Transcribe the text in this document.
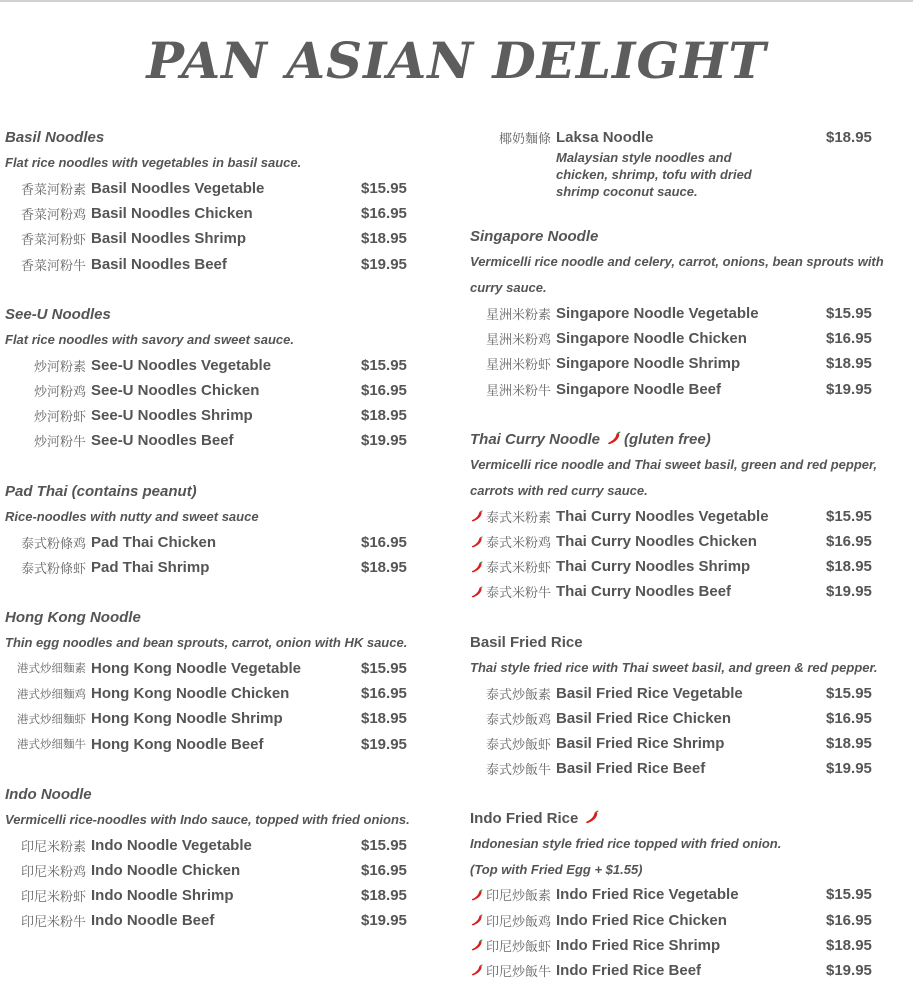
PAN ASIAN DELIGHT
Basil Noodles
Flat rice noodles with vegetables in basil sauce.
香菜河粉素 Basil Noodles Vegetable	$15.95
香菜河粉鸡 Basil Noodles Chicken	$16.95
香菜河粉虾 Basil Noodles Shrimp	$18.95
香菜河粉牛 Basil Noodles Beef	$19.95
See-U Noodles
Flat rice noodles with savory and sweet sauce.
炒河粉素 See-U Noodles Vegetable	$15.95
炒河粉鸡 See-U Noodles Chicken	$16.95
炒河粉虾 See-U Noodles Shrimp	$18.95
炒河粉牛 See-U Noodles Beef	$19.95
Pad Thai (contains peanut)
Rice-noodles with nutty and sweet sauce
泰式粉條鸡 Pad Thai Chicken	$16.95
泰式粉條虾 Pad Thai Shrimp	$18.95
Hong Kong Noodle
Thin egg noodles and bean sprouts, carrot, onion with HK sauce.
港式炒细麵素 Hong Kong Noodle Vegetable	$15.95
港式炒细麵鸡 Hong Kong Noodle Chicken	$16.95
港式炒细麵虾 Hong Kong Noodle Shrimp	$18.95
港式炒细麵牛 Hong Kong Noodle Beef	$19.95
Indo Noodle
Vermicelli rice-noodles with Indo sauce, topped with fried onions.
印尼米粉素 Indo Noodle Vegetable	$15.95
印尼米粉鸡 Indo Noodle Chicken	$16.95
印尼米粉虾 Indo Noodle Shrimp	$18.95
印尼米粉牛 Indo Noodle Beef	$19.95
椰奶麵條 Laksa Noodle	$18.95
Malaysian style noodles and chicken, shrimp, tofu with dried shrimp coconut sauce.
Singapore Noodle
Vermicelli rice noodle and celery, carrot, onions, bean sprouts with curry sauce.
星洲米粉素 Singapore Noodle Vegetable	$15.95
星洲米粉鸡 Singapore Noodle Chicken	$16.95
星洲米粉虾 Singapore Noodle Shrimp	$18.95
星洲米粉牛 Singapore Noodle Beef	$19.95
Thai Curry Noodle (gluten free)
Vermicelli rice noodle and Thai sweet basil, green and red pepper, carrots with red curry sauce.
泰式米粉素 Thai Curry Noodles Vegetable	$15.95
泰式米粉鸡 Thai Curry Noodles Chicken	$16.95
泰式米粉虾 Thai Curry Noodles Shrimp	$18.95
泰式米粉牛 Thai Curry Noodles Beef	$19.95
Basil Fried Rice
Thai style fried rice with Thai sweet basil, and green & red pepper.
泰式炒飯素 Basil Fried Rice Vegetable	$15.95
泰式炒飯鸡 Basil Fried Rice Chicken	$16.95
泰式炒飯虾 Basil Fried Rice Shrimp	$18.95
泰式炒飯牛 Basil Fried Rice Beef	$19.95
Indo Fried Rice
Indonesian style fried rice topped with fried onion.
(Top with Fried Egg + $1.55)
印尼炒飯素 Indo Fried Rice Vegetable	$15.95
印尼炒飯鸡 Indo Fried Rice Chicken	$16.95
印尼炒飯虾 Indo Fried Rice Shrimp	$18.95
印尼炒飯牛 Indo Fried Rice Beef	$19.95
